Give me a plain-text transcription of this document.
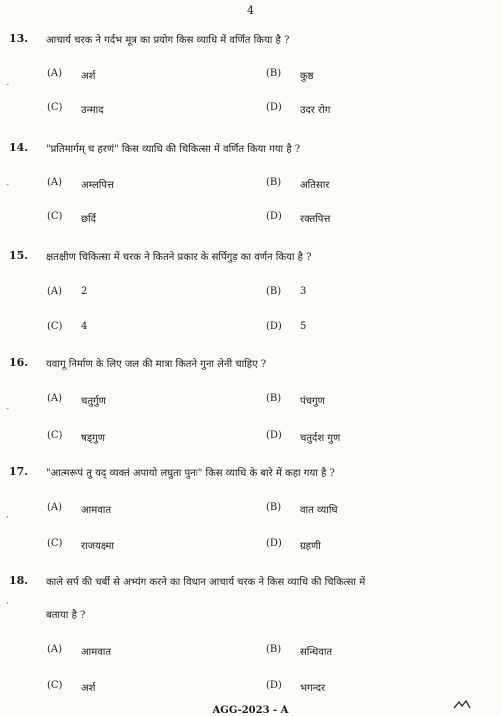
4
13. आचार्य चरक ने गर्दभ मूत्र का प्रयोग किस व्याधि में वर्णित किया है ?
(A) अर्श	(B) कुष्ठ
(C) उन्माद	(D) उदर रोग
14. "प्रतिमार्गम् च हरणं" किस व्याधि की चिकित्सा में वर्णित किया गया है ?
(A) अम्लपित्त	(B) अतिसार
(C) छर्दि	(D) रक्तपित्त
15. क्षतक्षीण चिकित्सा में चरक ने कितने प्रकार के सर्पिगुड़ का वर्णन किया है ?
(A) 2	(B) 3
(C) 4	(D) 5
16. यवागू निर्माण के लिए जल की मात्रा कितने गुना लेनी चाहिए ?
(A) चतुर्गुण	(B) पंचगुण
(C) षड्गुण	(D) चतुर्दश गुण
17. "आत्मरूपं तु यद् व्यक्तं अपायो लघुता पुनः" किस व्याधि के बारे में कहा गया है ?
(A) आमवात	(B) वात व्याधि
(C) राजयक्ष्मा	(D) ग्रहणी
18. काले सर्प की चर्बी से अभ्यंग करने का विधान आचार्य चरक ने किस व्याधि की चिकित्सा में
बताया है ?
(A) आमवात	(B) सन्धिवात
(C) अर्श	(D) भगन्दर
-
-
-
,
,
AGG-2023 - A
